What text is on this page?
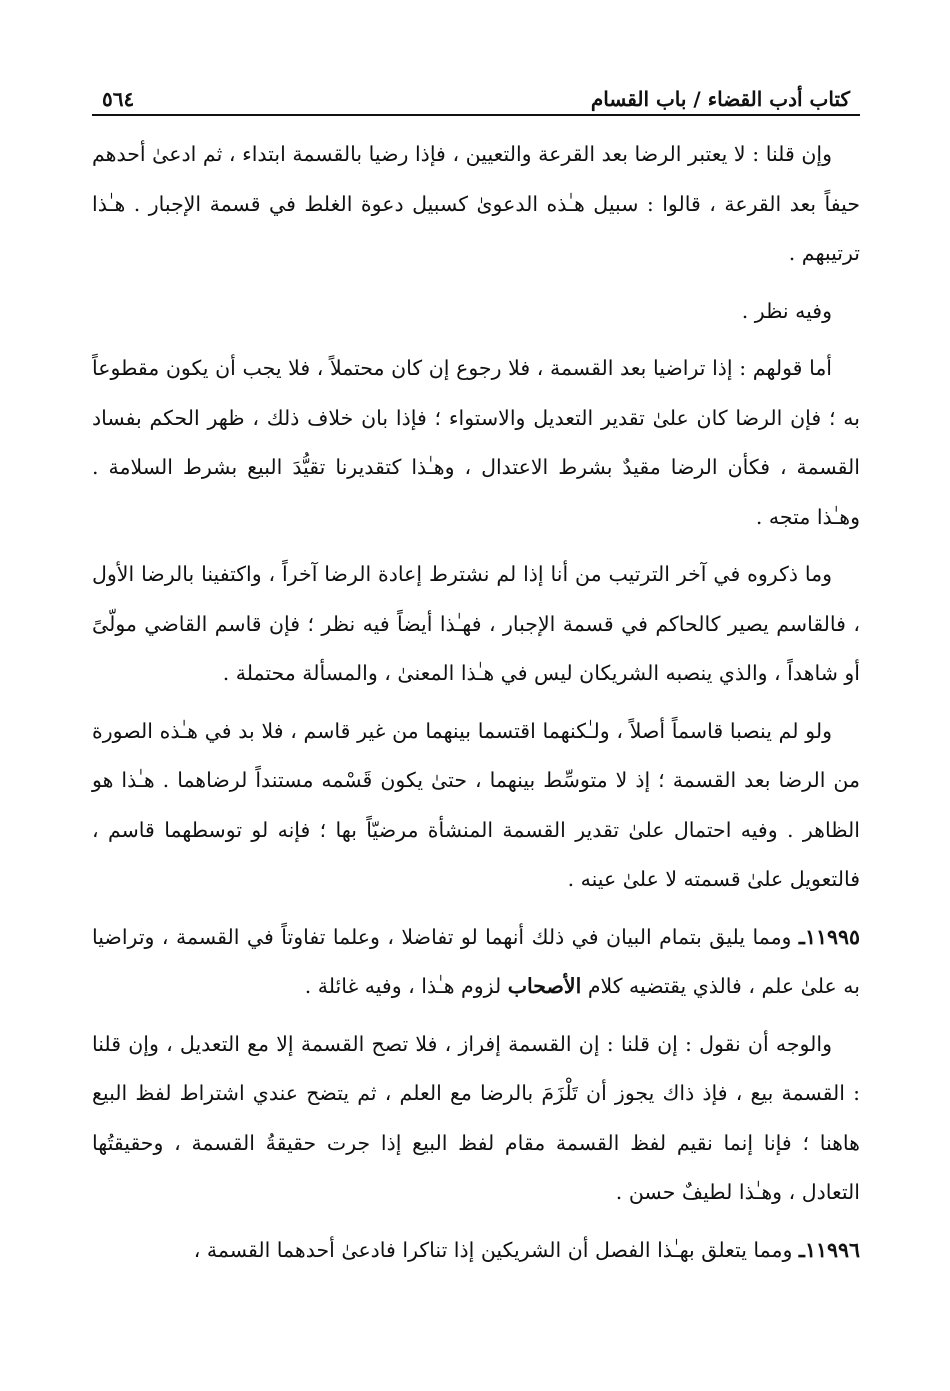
كتاب أدب القضاء / باب القسام
٥٦٤

وإن قلنا : لا يعتبر الرضا بعد القرعة والتعيين ، فإذا رضيا بالقسمة ابتداء ، ثم ادعىٰ أحدهم حيفاً بعد القرعة ، قالوا : سبيل هـٰذه الدعوىٰ كسبيل دعوة الغلط في قسمة الإجبار . هـٰذا ترتيبهم .

وفيه نظر .

أما قولهم : إذا تراضيا بعد القسمة ، فلا رجوع إن كان محتملاً ، فلا يجب أن يكون مقطوعاً به ؛ فإن الرضا كان علىٰ تقدير التعديل والاستواء ؛ فإذا بان خلاف ذلك ، ظهر الحكم بفساد القسمة ، فكأن الرضا مقيدٌ بشرط الاعتدال ، وهـٰذا كتقديرنا تقيُّدَ البيع بشرط السلامة . وهـٰذا متجه .

وما ذكروه في آخر الترتيب من أنا إذا لم نشترط إعادة الرضا آخراً ، واكتفينا بالرضا الأول ، فالقاسم يصير كالحاكم في قسمة الإجبار ، فهـٰذا أيضاً فيه نظر ؛ فإن قاسم القاضي مولّىً أو شاهداً ، والذي ينصبه الشريكان ليس في هـٰذا المعنىٰ ، والمسألة محتملة .

ولو لم ينصبا قاسماً أصلاً ، ولـٰكنهما اقتسما بينهما من غير قاسم ، فلا بد في هـٰذه الصورة من الرضا بعد القسمة ؛ إذ لا متوسِّط بينهما ، حتىٰ يكون قَسْمه مستنداً لرضاهما . هـٰذا هو الظاهر . وفيه احتمال علىٰ تقدير القسمة المنشأة مرضيّاً بها ؛ فإنه لو توسطهما قاسم ، فالتعويل علىٰ قسمته لا علىٰ عينه .

١١٩٩٥ـ ومما يليق بتمام البيان في ذلك أنهما لو تفاضلا ، وعلما تفاوتاً في القسمة ، وتراضيا به علىٰ علم ، فالذي يقتضيه كلام الأصحاب لزوم هـٰذا ، وفيه غائلة .

والوجه أن نقول : إن قلنا : إن القسمة إفراز ، فلا تصح القسمة إلا مع التعديل ، وإن قلنا : القسمة بيع ، فإذ ذاك يجوز أن تَلْزَمَ بالرضا مع العلم ، ثم يتضح عندي اشتراط لفظ البيع هاهنا ؛ فإنا إنما نقيم لفظ القسمة مقام لفظ البيع إذا جرت حقيقةُ القسمة ، وحقيقتُها التعادل ، وهـٰذا لطيفٌ حسن .

١١٩٩٦ـ ومما يتعلق بهـٰذا الفصل أن الشريكين إذا تناكرا فادعىٰ أحدهما القسمة ،
